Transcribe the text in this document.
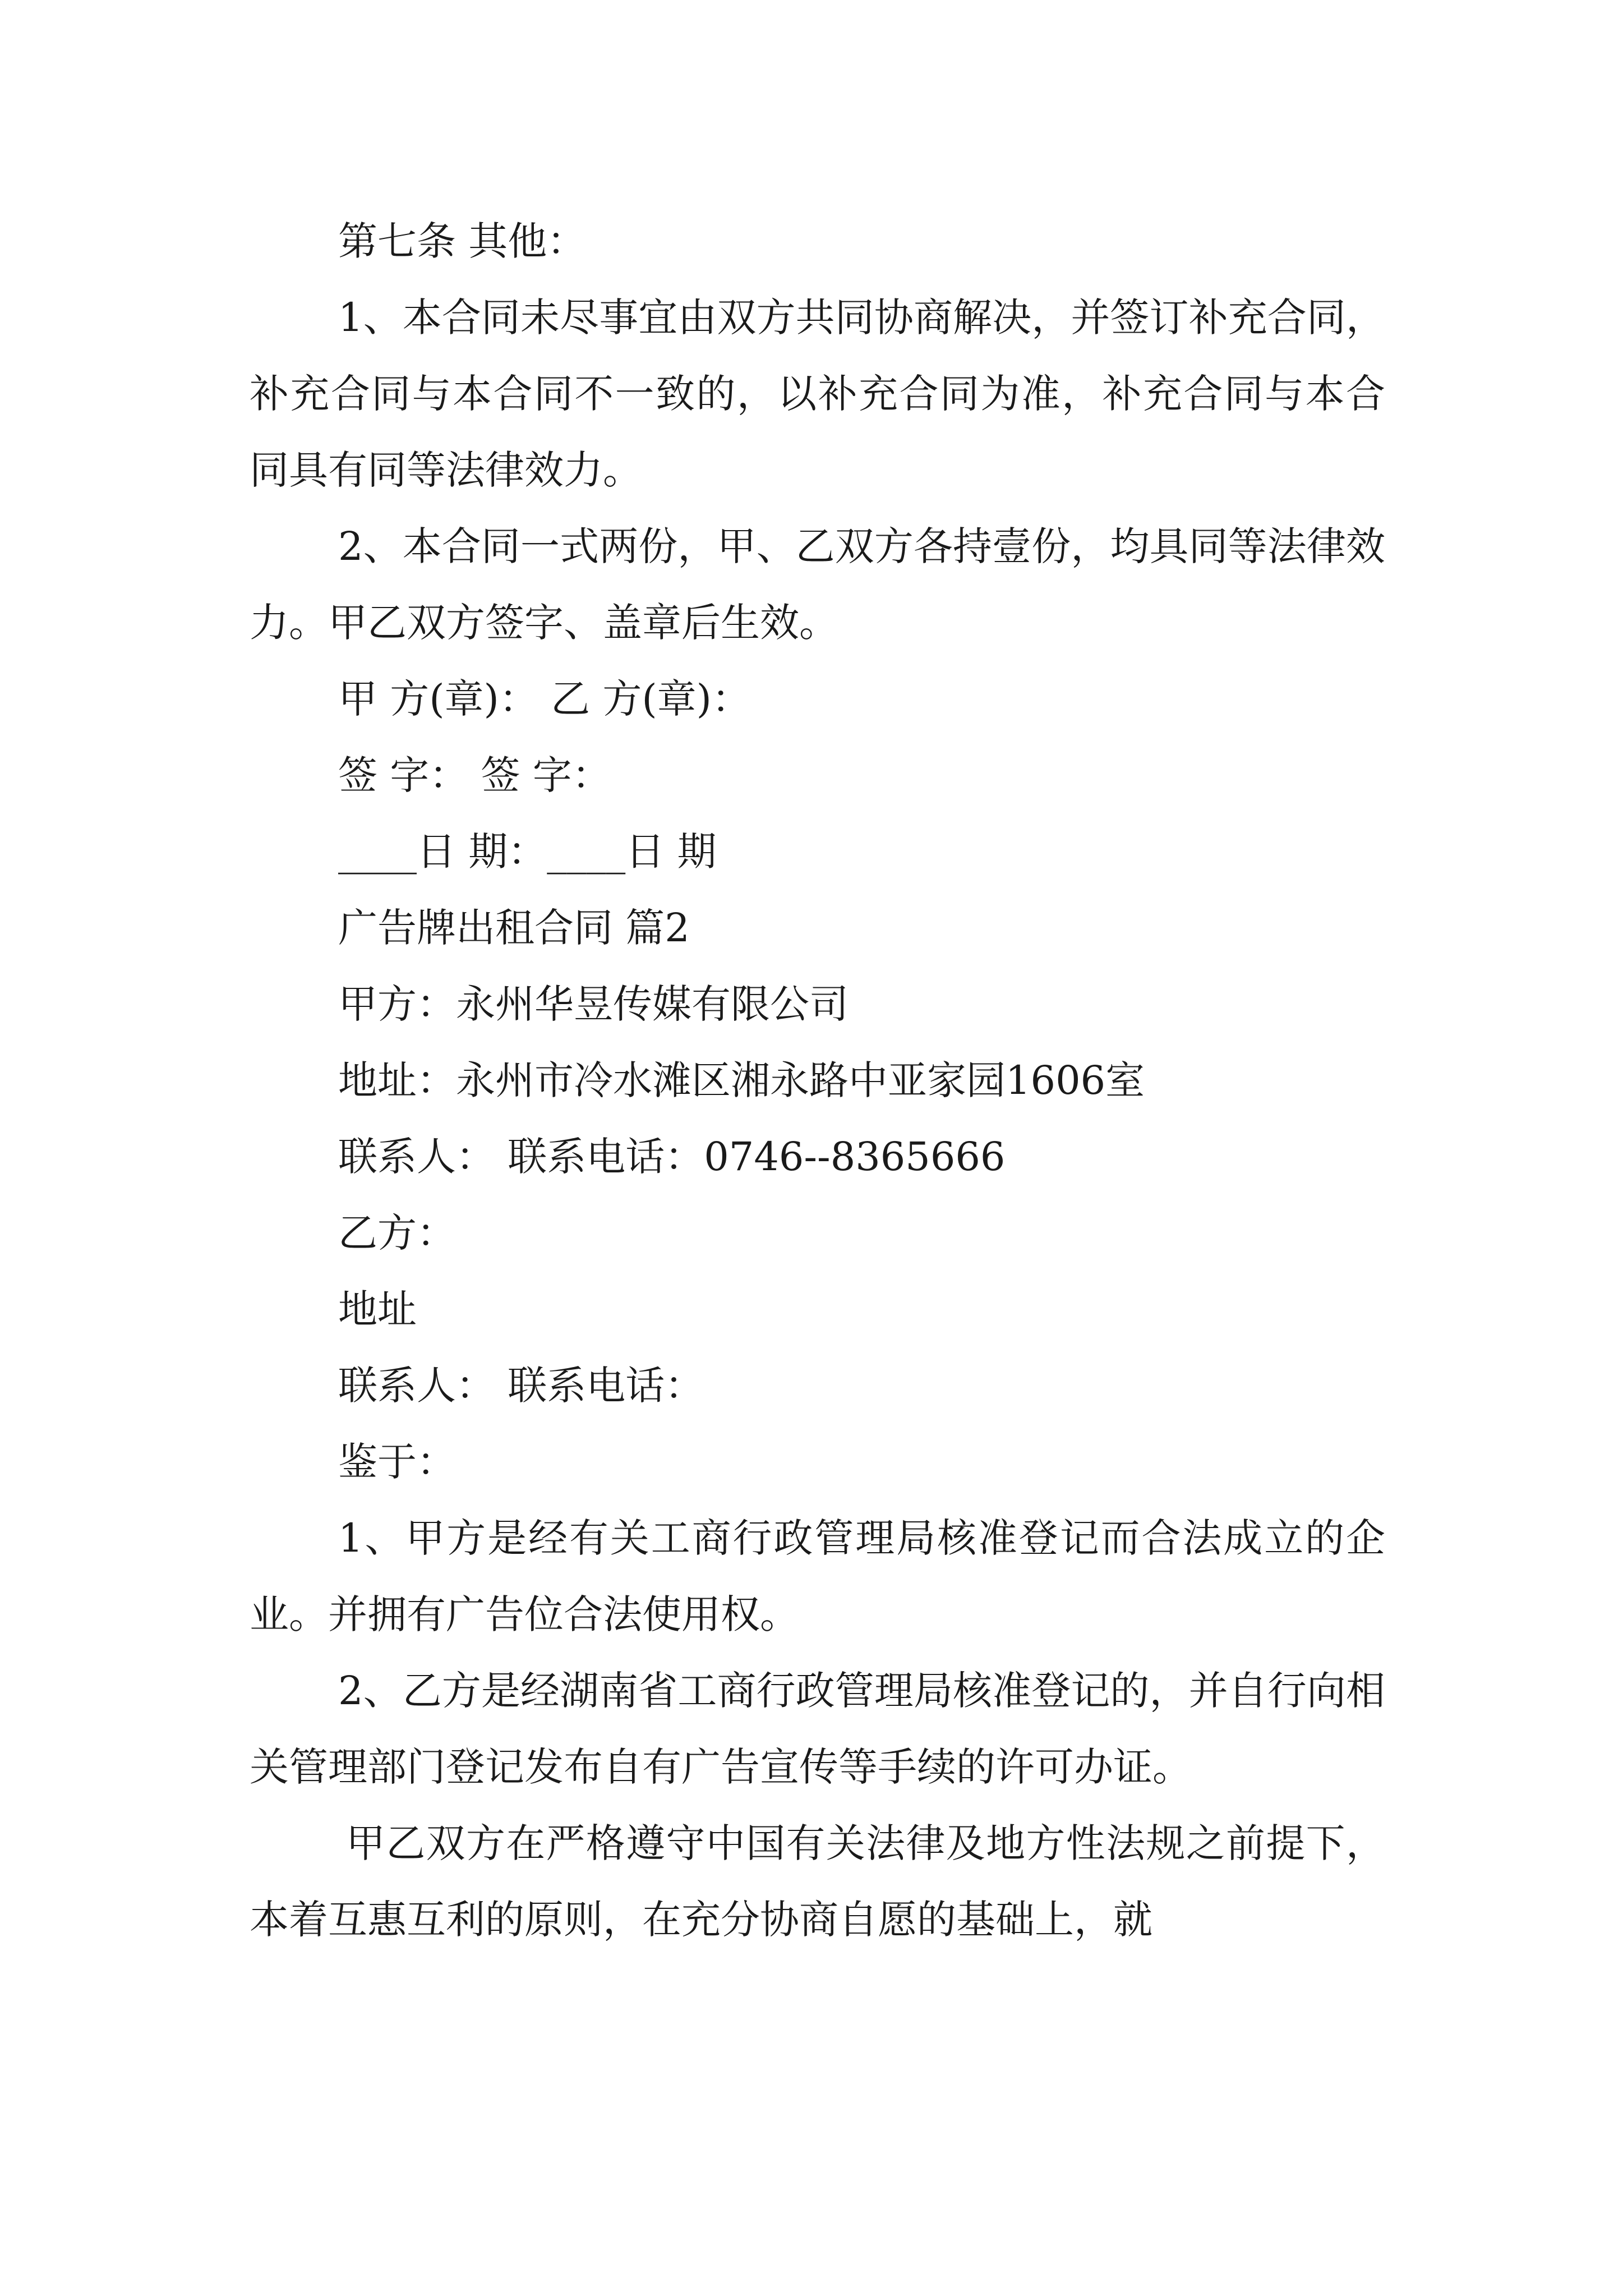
第七条 其他：

1、本合同未尽事宜由双方共同协商解决，并签订补充合同，补充合同与本合同不一致的，以补充合同为准，补充合同与本合同具有同等法律效力。

2、本合同一式两份，甲、乙双方各持壹份，均具同等法律效力。甲乙双方签字、盖章后生效。

甲 方(章)： 乙 方(章)：

签 字： 签 字：

____日 期：____日 期

广告牌出租合同 篇2

甲方：永州华昱传媒有限公司

地址：永州市冷水滩区湘永路中亚家园1606室

联系人： 联系电话：0746--8365666

乙方：

地址

联系人： 联系电话：

鉴于：

1、甲方是经有关工商行政管理局核准登记而合法成立的企业。并拥有广告位合法使用权。

2、乙方是经湖南省工商行政管理局核准登记的，并自行向相关管理部门登记发布自有广告宣传等手续的许可办证。

甲乙双方在严格遵守中国有关法律及地方性法规之前提下，本着互惠互利的原则，在充分协商自愿的基础上，就
